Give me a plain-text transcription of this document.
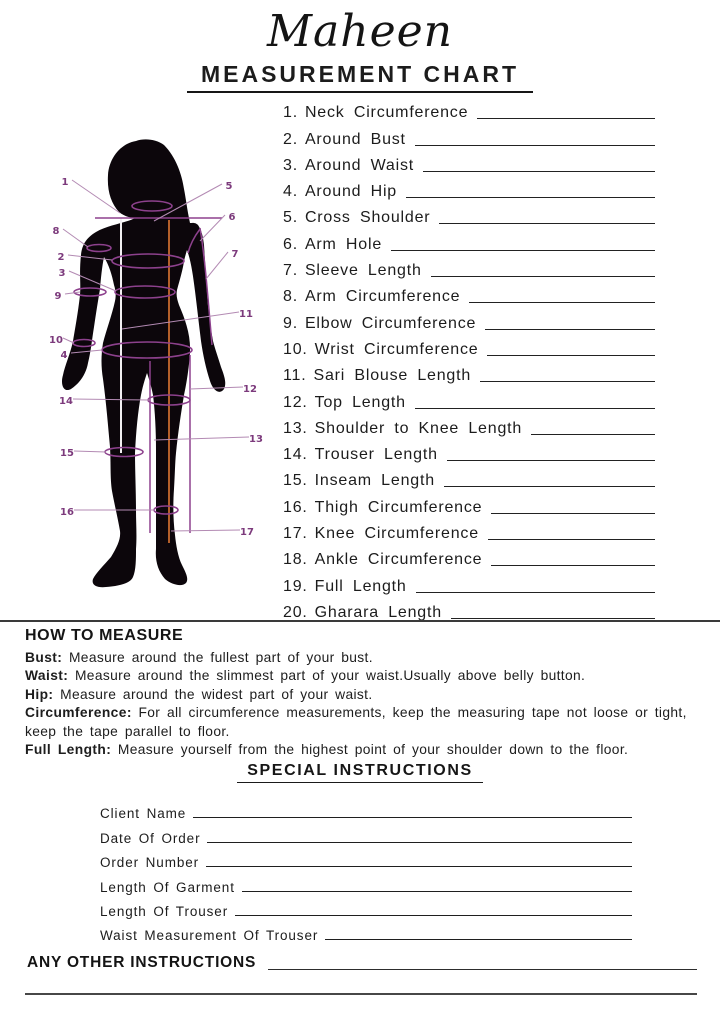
Maheen
MEASUREMENT CHART
1
2
3
4
5
6
7
8
9
10
11
12
13
14
15
16
17
1. Neck Circumference
2. Around Bust
3. Around Waist
4. Around Hip
5. Cross Shoulder
6. Arm Hole
7. Sleeve Length
8. Arm Circumference
9. Elbow Circumference
10. Wrist Circumference
11. Sari Blouse Length
12. Top Length
13. Shoulder to Knee Length
14. Trouser Length
15. Inseam Length
16. Thigh Circumference
17. Knee Circumference
18. Ankle Circumference
19. Full Length
20. Gharara Length
HOW TO MEASURE
Bust: Measure around the fullest part of your bust.
Waist: Measure around the slimmest part of your waist.Usually above belly button.
Hip: Measure around the widest part of your waist.
Circumference: For all circumference measurements, keep the measuring tape not loose or tight, keep the tape parallel to floor.
Full Length: Measure yourself from the highest point of your shoulder down to the floor.
SPECIAL INSTRUCTIONS
Client Name
Date Of Order
Order Number
Length Of Garment
Length Of Trouser
Waist Measurement Of Trouser
ANY OTHER INSTRUCTIONS
